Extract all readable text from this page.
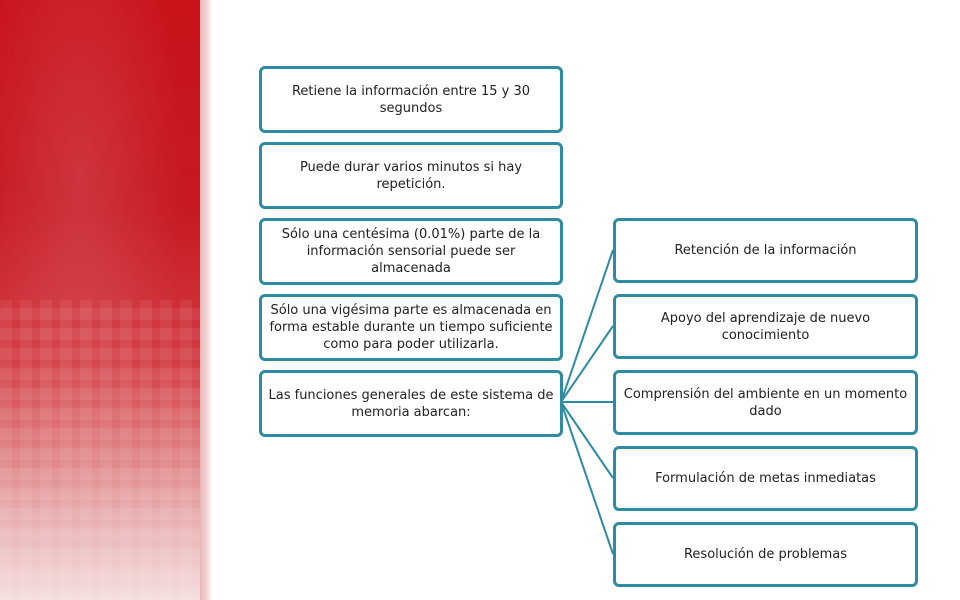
Retiene la información entre 15 y 30 segundos
Puede durar varios minutos si hay repetición.
Sólo una centésima (0.01%) parte de la información sensorial puede ser almacenada
Sólo una vigésima parte es almacenada en forma estable durante un tiempo suficiente como para poder utilizarla.
Las funciones generales de este sistema de memoria abarcan:
Retención de la información
Apoyo del aprendizaje de nuevo conocimiento
Comprensión del ambiente en un momento dado
Formulación de metas inmediatas
Resolución de problemas
